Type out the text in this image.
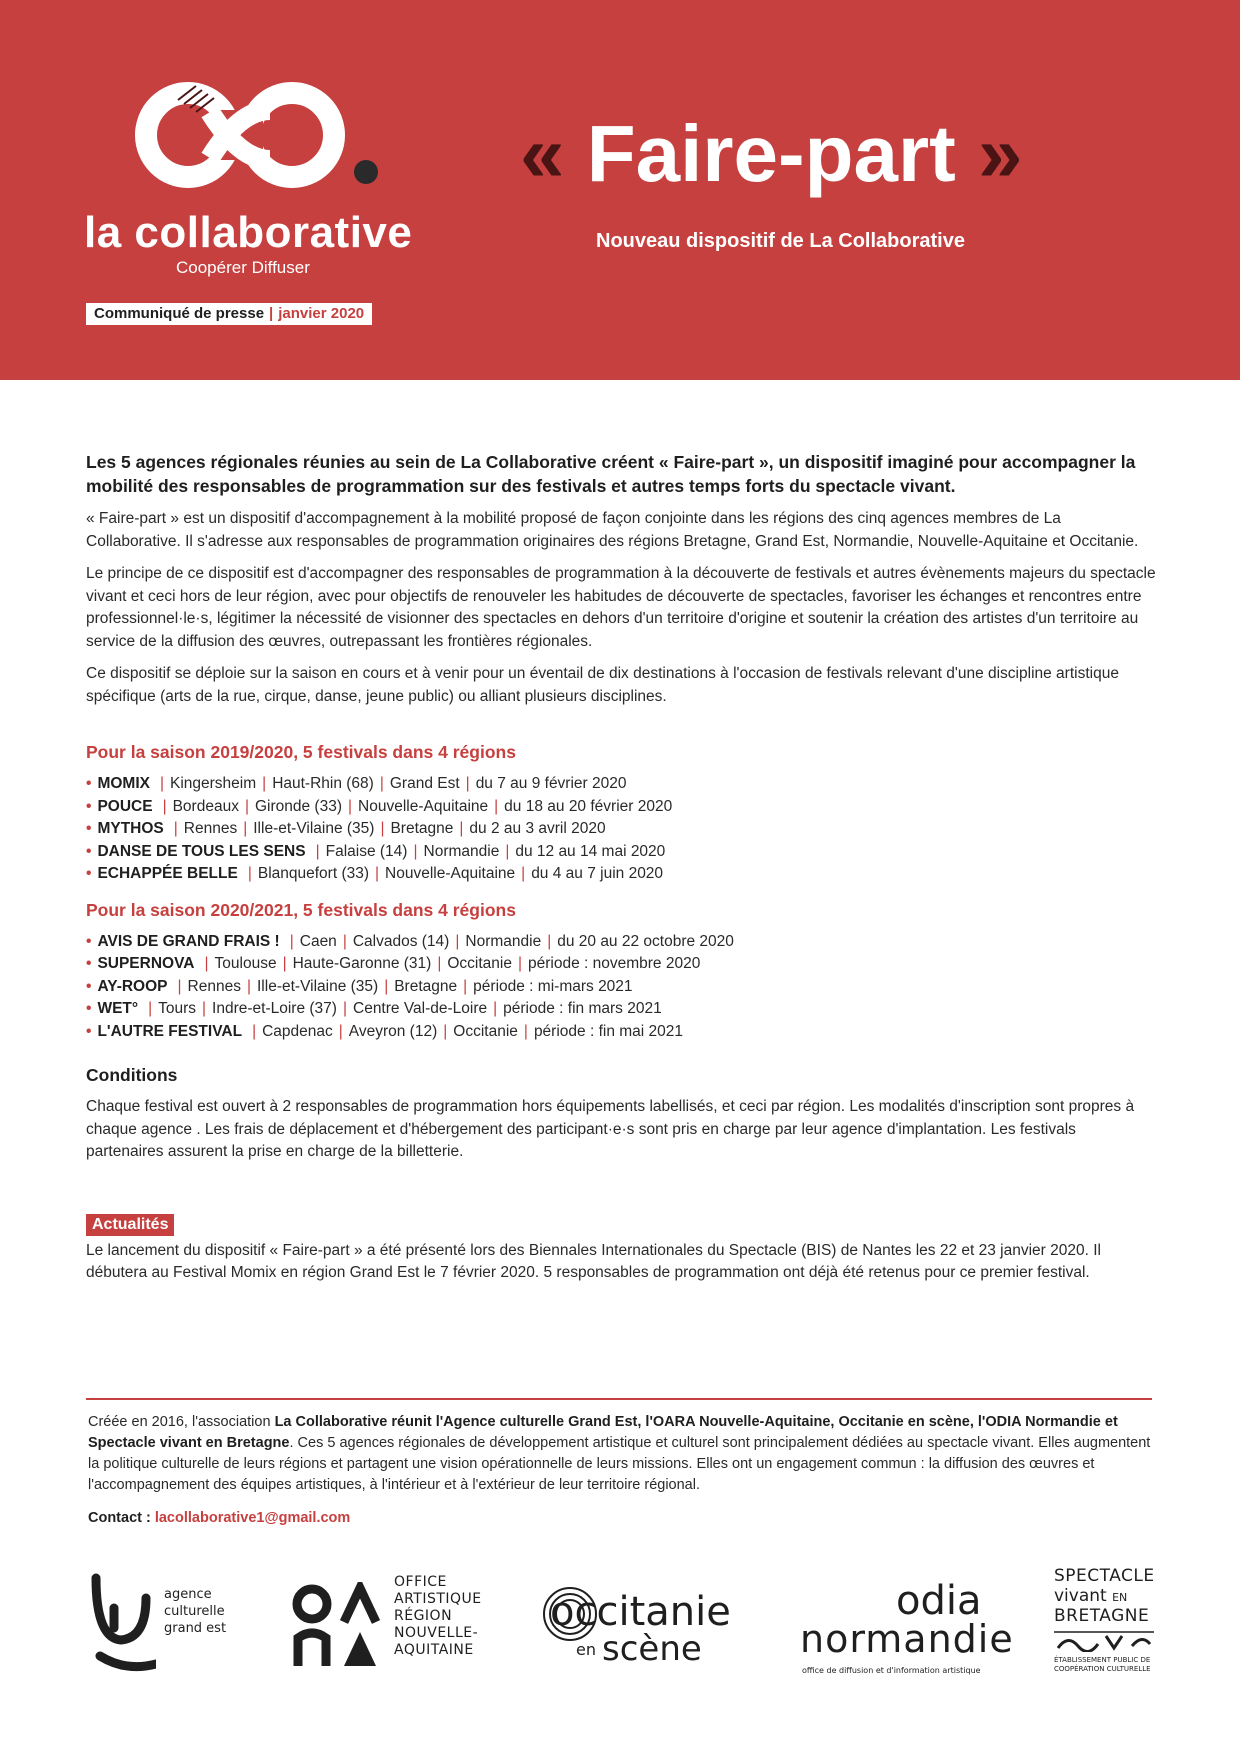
la collaborative
Coopérer Diffuser
Communiqué de presse | janvier 2020
« Faire-part »
Nouveau dispositif de La Collaborative

Les 5 agences régionales réunies au sein de La Collaborative créent « Faire-part », un dispositif imaginé pour accompagner la mobilité des responsables de programmation sur des festivals et autres temps forts du spectacle vivant.

« Faire-part » est un dispositif d'accompagnement à la mobilité proposé de façon conjointe dans les régions des cinq agences membres de La Collaborative. Il s'adresse aux responsables de programmation originaires des régions Bretagne, Grand Est, Normandie, Nouvelle-Aquitaine et Occitanie.

Le principe de ce dispositif est d'accompagner des responsables de programmation à la découverte de festivals et autres évènements majeurs du spectacle vivant et ceci hors de leur région, avec pour objectifs de renouveler les habitudes de découverte de spectacles, favoriser les échanges et rencontres entre professionnel·le·s, légitimer la nécessité de visionner des spectacles en dehors d'un territoire d'origine et soutenir la création des artistes d'un territoire au service de la diffusion des œuvres, outrepassant les frontières régionales.

Ce dispositif se déploie sur la saison en cours et à venir pour un éventail de dix destinations à l'occasion de festivals relevant d'une discipline artistique spécifique (arts de la rue, cirque, danse, jeune public) ou alliant plusieurs disciplines.

Pour la saison 2019/2020, 5 festivals dans 4 régions
• MOMIX | Kingersheim | Haut-Rhin (68) | Grand Est | du 7 au 9 février 2020
• POUCE | Bordeaux | Gironde (33) | Nouvelle-Aquitaine | du 18 au 20 février 2020
• MYTHOS | Rennes | Ille-et-Vilaine (35) | Bretagne | du 2 au 3 avril 2020
• DANSE DE TOUS LES SENS | Falaise (14) | Normandie | du 12 au 14 mai 2020
• ECHAPPÉE BELLE | Blanquefort (33) | Nouvelle-Aquitaine | du 4 au 7 juin 2020
Pour la saison 2020/2021, 5 festivals dans 4 régions
• AVIS DE GRAND FRAIS ! | Caen | Calvados (14) | Normandie | du 20 au 22 octobre 2020
• SUPERNOVA | Toulouse | Haute-Garonne (31) | Occitanie | période : novembre 2020
• AY-ROOP | Rennes | Ille-et-Vilaine (35) | Bretagne | période : mi-mars 2021
• WET° | Tours | Indre-et-Loire (37) | Centre Val-de-Loire | période : fin mars 2021
• L'AUTRE FESTIVAL | Capdenac | Aveyron (12) | Occitanie | période : fin mai 2021
Conditions

Chaque festival est ouvert à 2 responsables de programmation hors équipements labellisés, et ceci par région. Les modalités d'inscription sont propres à chaque agence . Les frais de déplacement et d'hébergement des participant·e·s sont pris en charge par leur agence d'implantation. Les festivals partenaires assurent la prise en charge de la billetterie.

Actualités

Le lancement du dispositif « Faire-part » a été présenté lors des Biennales Internationales du Spectacle (BIS) de Nantes les 22 et 23 janvier 2020. Il débutera au Festival Momix en région Grand Est le 7 février 2020. 5 responsables de programmation ont déjà été retenus pour ce premier festival.

Créée en 2016, l'association La Collaborative réunit l'Agence culturelle Grand Est, l'OARA Nouvelle-Aquitaine, Occitanie en scène, l'ODIA Normandie et Spectacle vivant en Bretagne. Ces 5 agences régionales de développement artistique et culturel sont principalement dédiées au spectacle vivant. Elles augmentent la politique culturelle de leurs régions et partagent une vision opérationnelle de leurs missions. Elles ont un engagement commun : la diffusion des œuvres et l'accompagnement des équipes artistiques, à l'intérieur et à l'extérieur de leur territoire régional.

Contact : lacollaborative1@gmail.com

agence
culturelle
grand est
OFFICE
ARTISTIQUE
RÉGION
NOUVELLE-
AQUITAINE
occitanie
en scène
odia
normandie
office de diffusion et d'information artistique
SPECTACLE
vivant EN
BRETAGNE
ÉTABLISSEMENT PUBLIC DE
COOPÉRATION CULTURELLE
